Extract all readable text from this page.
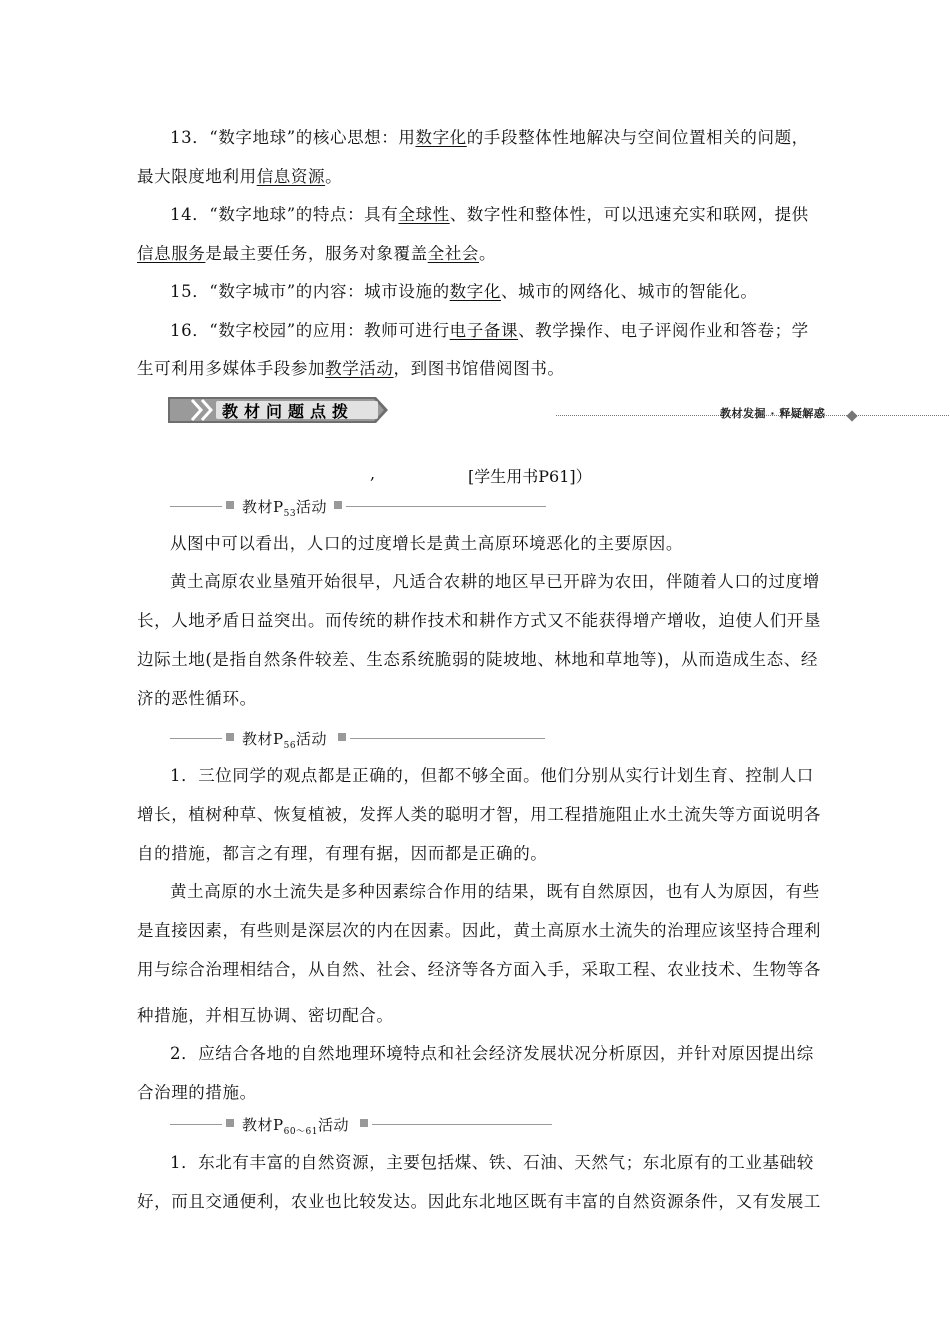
13．“数字地球”的核心思想：用数字化的手段整体性地解决与空间位置相关的问题，
最大限度地利用信息资源。
14．“数字地球”的特点：具有全球性、数字性和整体性，可以迅速充实和联网，提供
信息服务是最主要任务，服务对象覆盖全社会。
15．“数字城市”的内容：城市设施的数字化、城市的网络化、城市的智能化。
16．“数字校园”的应用：教师可进行电子备课、教学操作、电子评阅作业和答卷；学
生可利用多媒体手段参加教学活动，到图书馆借阅图书。
教材问题点拨	教材发掘 · 释疑解惑
,	[学生用书P61]）
教材$P_{53}$活动
从图中可以看出，人口的过度增长是黄土高原环境恶化的主要原因。
黄土高原农业垦殖开始很早，凡适合农耕的地区早已开辟为农田，伴随着人口的过度增
长，人地矛盾日益突出。而传统的耕作技术和耕作方式又不能获得增产增收，迫使人们开垦
边际土地(是指自然条件较差、生态系统脆弱的陡坡地、林地和草地等)，从而造成生态、经
济的恶性循环。
教材$P_{56}$活动
1．三位同学的观点都是正确的，但都不够全面。他们分别从实行计划生育、控制人口
增长，植树种草、恢复植被，发挥人类的聪明才智，用工程措施阻止水土流失等方面说明各
自的措施，都言之有理，有理有据，因而都是正确的。
黄土高原的水土流失是多种因素综合作用的结果，既有自然原因，也有人为原因，有些
是直接因素，有些则是深层次的内在因素。因此，黄土高原水土流失的治理应该坚持合理利
用与综合治理相结合，从自然、社会、经济等各方面入手，采取工程、农业技术、生物等各
种措施，并相互协调、密切配合。
2．应结合各地的自然地理环境特点和社会经济发展状况分析原因，并针对原因提出综
合治理的措施。
教材$P_{60\sim 61}$活动
1．东北有丰富的自然资源，主要包括煤、铁、石油、天然气；东北原有的工业基础较
好，而且交通便利，农业也比较发达。因此东北地区既有丰富的自然资源条件，又有发展工
